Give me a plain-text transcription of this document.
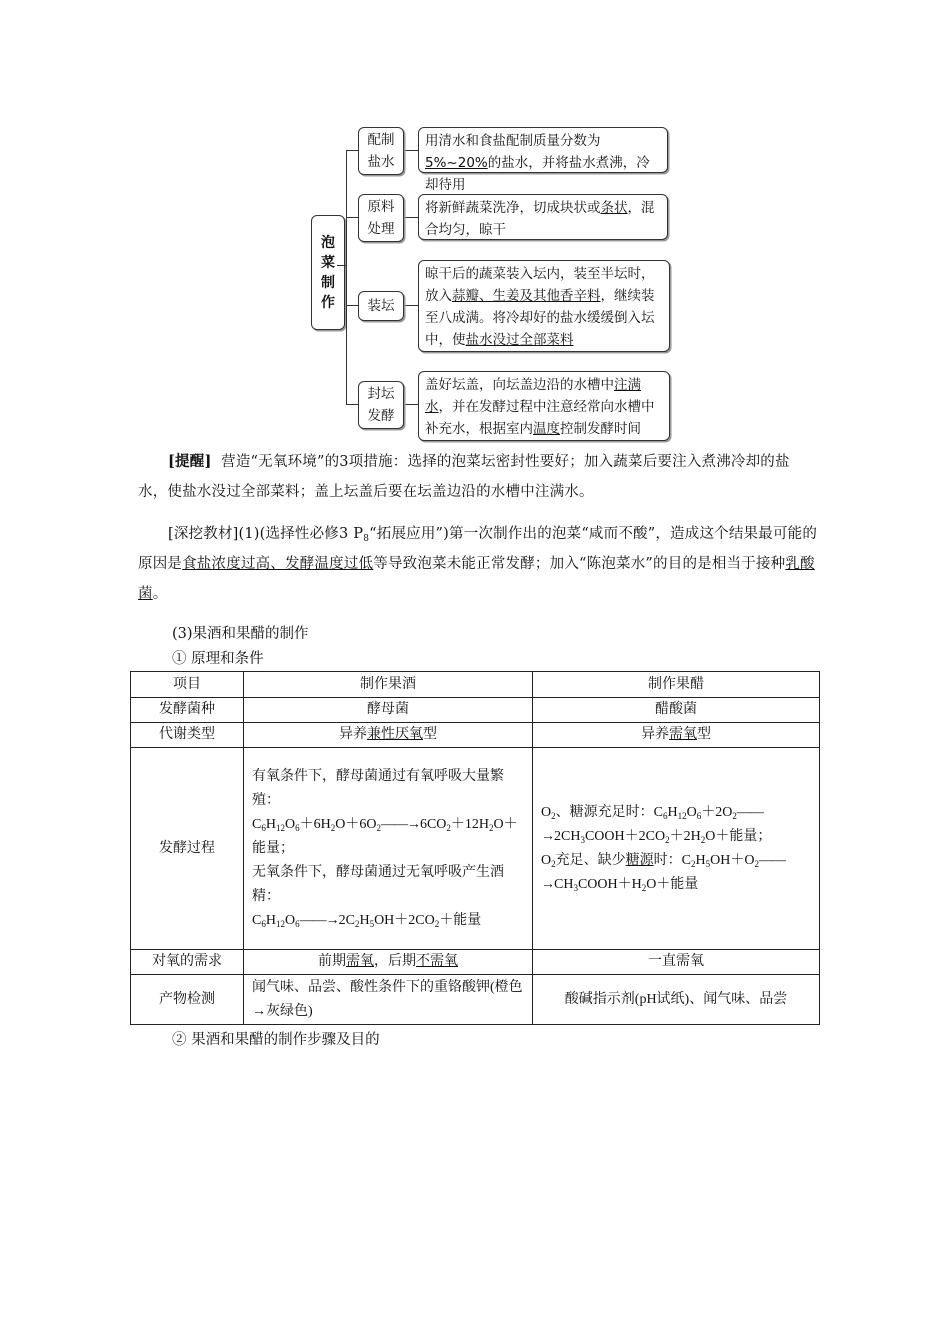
泡菜制作
配制盐水
用清水和食盐配制质量分数为5%~20%的盐水，并将盐水煮沸，冷却待用
原料处理
将新鲜蔬菜洗净，切成块状或条状，混合均匀，晾干
装坛
晾干后的蔬菜装入坛内，装至半坛时，放入蒜瓣、生姜及其他香辛料，继续装至八成满。将冷却好的盐水缓缓倒入坛中，使盐水没过全部菜料
封坛发酵
盖好坛盖，向坛盖边沿的水槽中注满水，并在发酵过程中注意经常向水槽中补充水，根据室内温度控制发酵时间
[提醒] 营造“无氧环境”的3项措施：选择的泡菜坛密封性要好；加入蔬菜后要注入煮沸冷却的盐水，使盐水没过全部菜料；盖上坛盖后要在坛盖边沿的水槽中注满水。
[深挖教材](1)(选择性必修3 $P_8“$拓展应用”)第一次制作出的泡菜“咸而不酸”，造成这个结果最可能的原因是食盐浓度过高、发酵温度过低等导致泡菜未能正常发酵；加入“陈泡菜水”的目的是相当于接种乳酸菌。
(3)果酒和果醋的制作
① 原理和条件
项目	制作果酒	制作果醋
发酵菌种	酵母菌	醋酸菌
代谢类型	异养兼性厌氧型	异养需氧型
发酵过程	有氧条件下，酵母菌通过有氧呼吸大量繁殖：
$C_6H_{12}O_6+6H_2O+6O_2——\to 6CO_2+12H_2O+$能量；
无氧条件下，酵母菌通过无氧呼吸产生酒精：
$C_6H_{12}O_6——\to 2C_2H_5OH+2CO_2+$能量	$O_2$、糖源充足时：$C_6H_{12}O_6+2O_2——\to 2CH_3COOH+2CO_2+2H_2O+$能量；
$O_2$充足、缺少糖源时：$C_2H_5OH+O_2——\to CH_3COOH+H_2O+$能量
对氧的需求	前期需氧，后期不需氧	一直需氧
产物检测	闻气味、品尝、酸性条件下的重铬酸钾(橙色→灰绿色)	酸碱指示剂(pH试纸)、闻气味、品尝
② 果酒和果醋的制作步骤及目的
